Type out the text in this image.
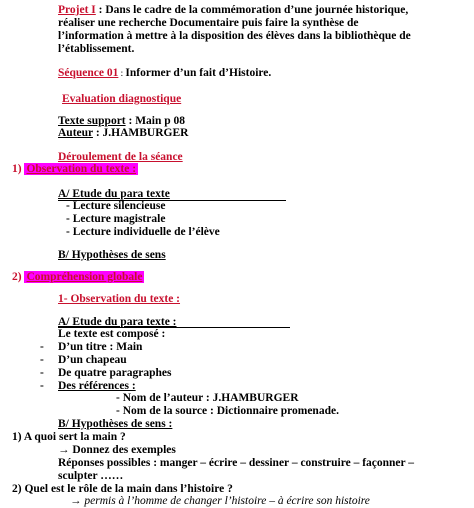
Projet I : Dans le cadre de la commémoration d’une journée historique,
réaliser une recherche Documentaire puis faire la synthèse de
l’information à mettre à la disposition des élèves dans la bibliothèque de
l’établissement.
Séquence 01 : Informer d’un fait d’Histoire.
Evaluation diagnostique
Texte support : Main p 08
Auteur : J.HAMBURGER
Déroulement de la séance
1) Observation du texte :
A/ Etude du para texte
- Lecture silencieuse
- Lecture magistrale
- Lecture individuelle de l’élève
B/ Hypothèses de sens
2) Compréhension globale
1- Observation du texte :
A/ Etude du para texte :
Le texte est composé :
- D’un titre : Main
- D’un chapeau
- De quatre paragraphes
- Des références :
- Nom de l’auteur : J.HAMBURGER
- Nom de la source : Dictionnaire promenade.
B/ Hypothèses de sens :
1) A quoi sert la main ?
→ Donnez des exemples
Réponses possibles : manger – écrire – dessiner – construire – façonner –
sculpter ……
2) Quel est le rôle de la main dans l’histoire ?
→ permis à l’homme de changer l’histoire – à écrire son histoire
